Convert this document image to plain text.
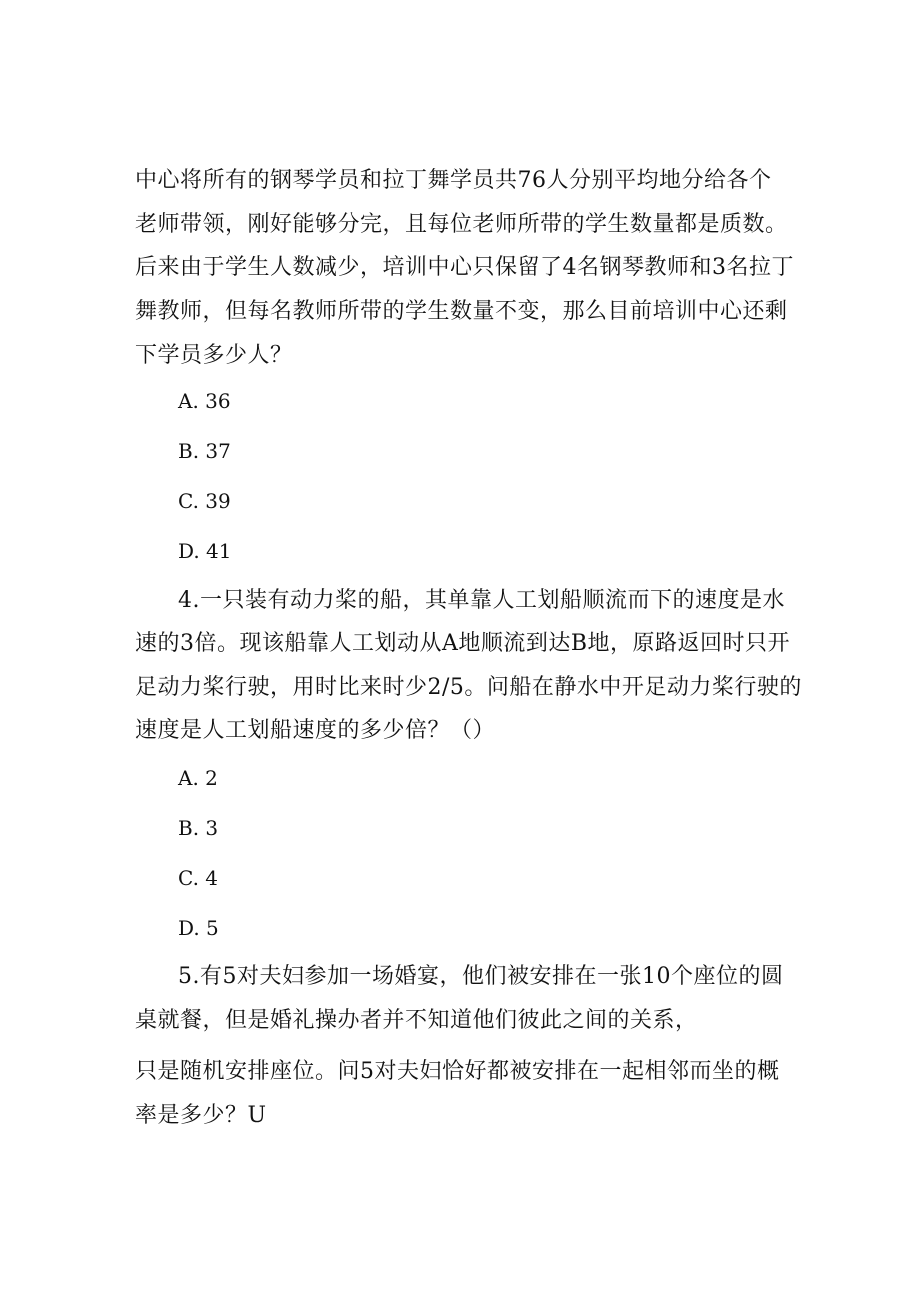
中心将所有的钢琴学员和拉丁舞学员共76人分别平均地分给各个
老师带领，刚好能够分完，且每位老师所带的学生数量都是质数。
后来由于学生人数减少，培训中心只保留了4名钢琴教师和3名拉丁
舞教师，但每名教师所带的学生数量不变，那么目前培训中心还剩
下学员多少人？
A. 36
B. 37
C. 39
D. 41
4.一只装有动力桨的船，其单靠人工划船顺流而下的速度是水
速的3倍。现该船靠人工划动从A地顺流到达B地，原路返回时只开
足动力桨行驶，用时比来时少2/5。问船在静水中开足动力桨行驶的
速度是人工划船速度的多少倍？（）
A. 2
B. 3
C. 4
D. 5
5.有5对夫妇参加一场婚宴，他们被安排在一张10个座位的圆
桌就餐，但是婚礼操办者并不知道他们彼此之间的关系，
只是随机安排座位。问5对夫妇恰好都被安排在一起相邻而坐的概
率是多少？U
